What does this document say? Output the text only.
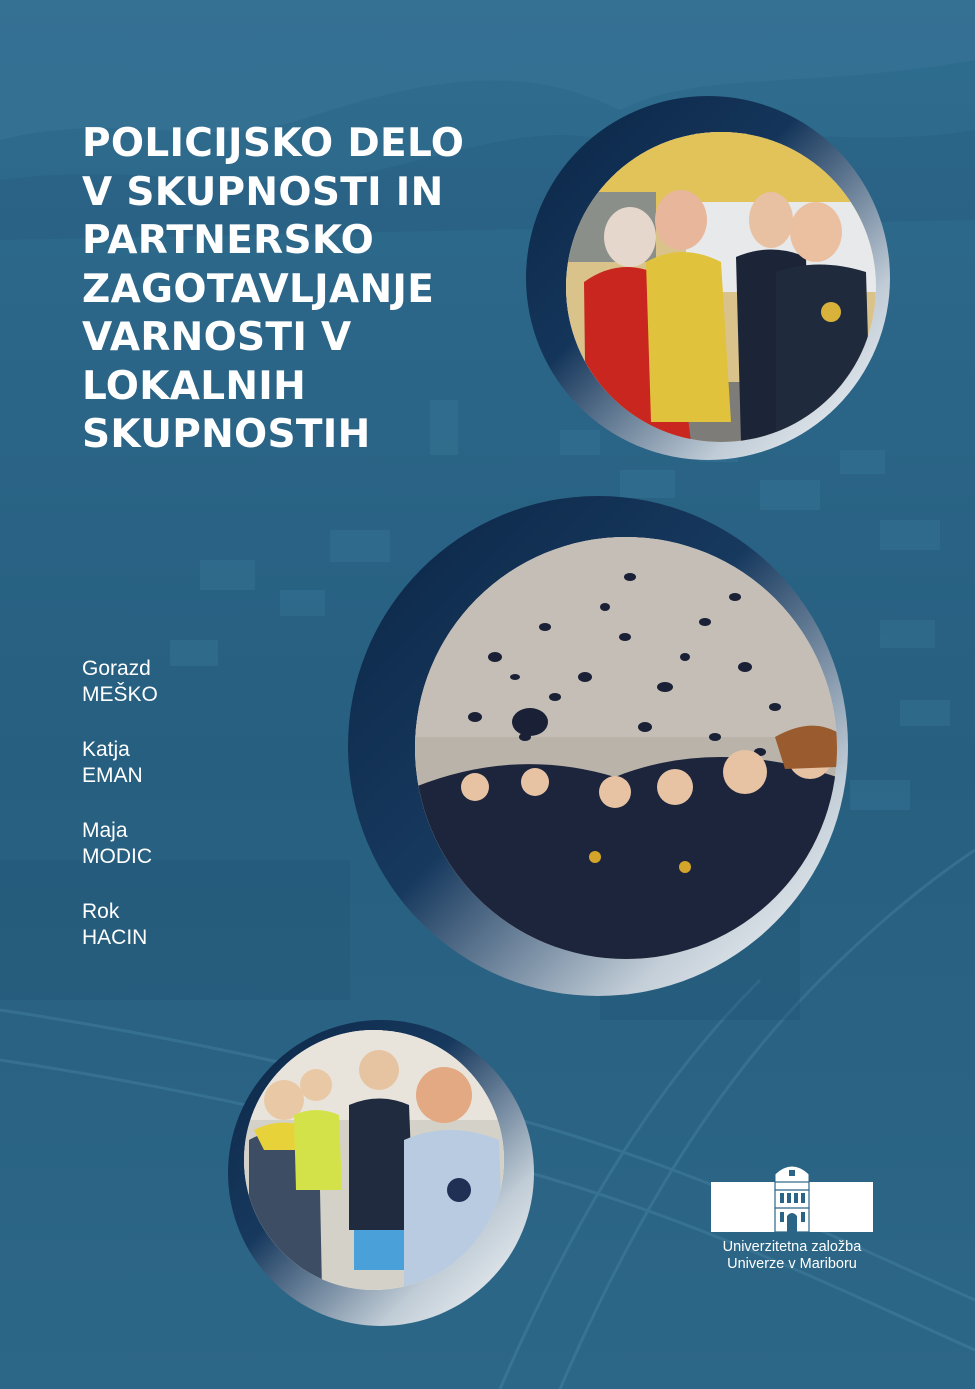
POLICIJSKO DELO
V SKUPNOSTI IN
PARTNERSKO
ZAGOTAVLJANJE
VARNOSTI V
LOKALNIH
SKUPNOSTIH
Gorazd
MEŠKO
Katja
EMAN
Maja
MODIC
Rok
HACIN
Univerzitetna založba
Univerze v Mariboru
